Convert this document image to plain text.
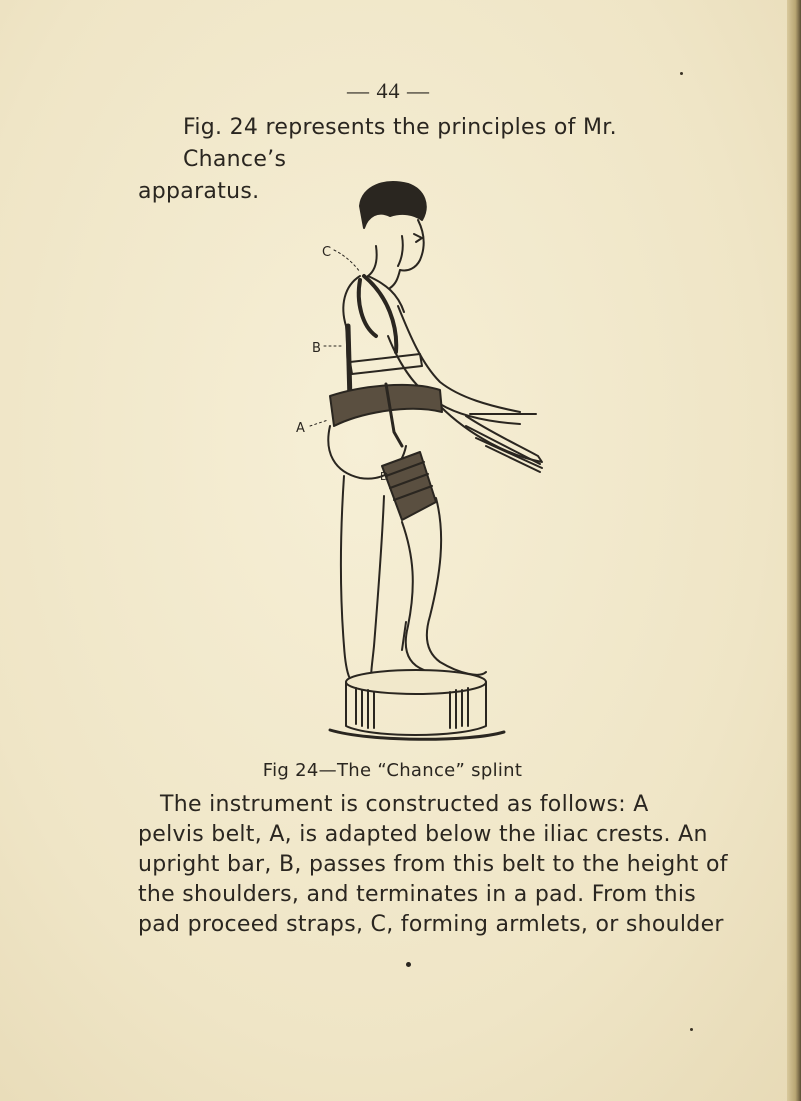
— 44 —
Fig. 24 represents the principles of Mr. Chance’s
apparatus.
C
B
A
D
Fig 24—The “Chance” splint
The instrument is constructed as follows: A
pelvis belt, A, is adapted below the iliac crests. An
upright bar, B, passes from this belt to the height of
the shoulders, and terminates in a pad. From this
pad proceed straps, C, forming armlets, or shoulder
